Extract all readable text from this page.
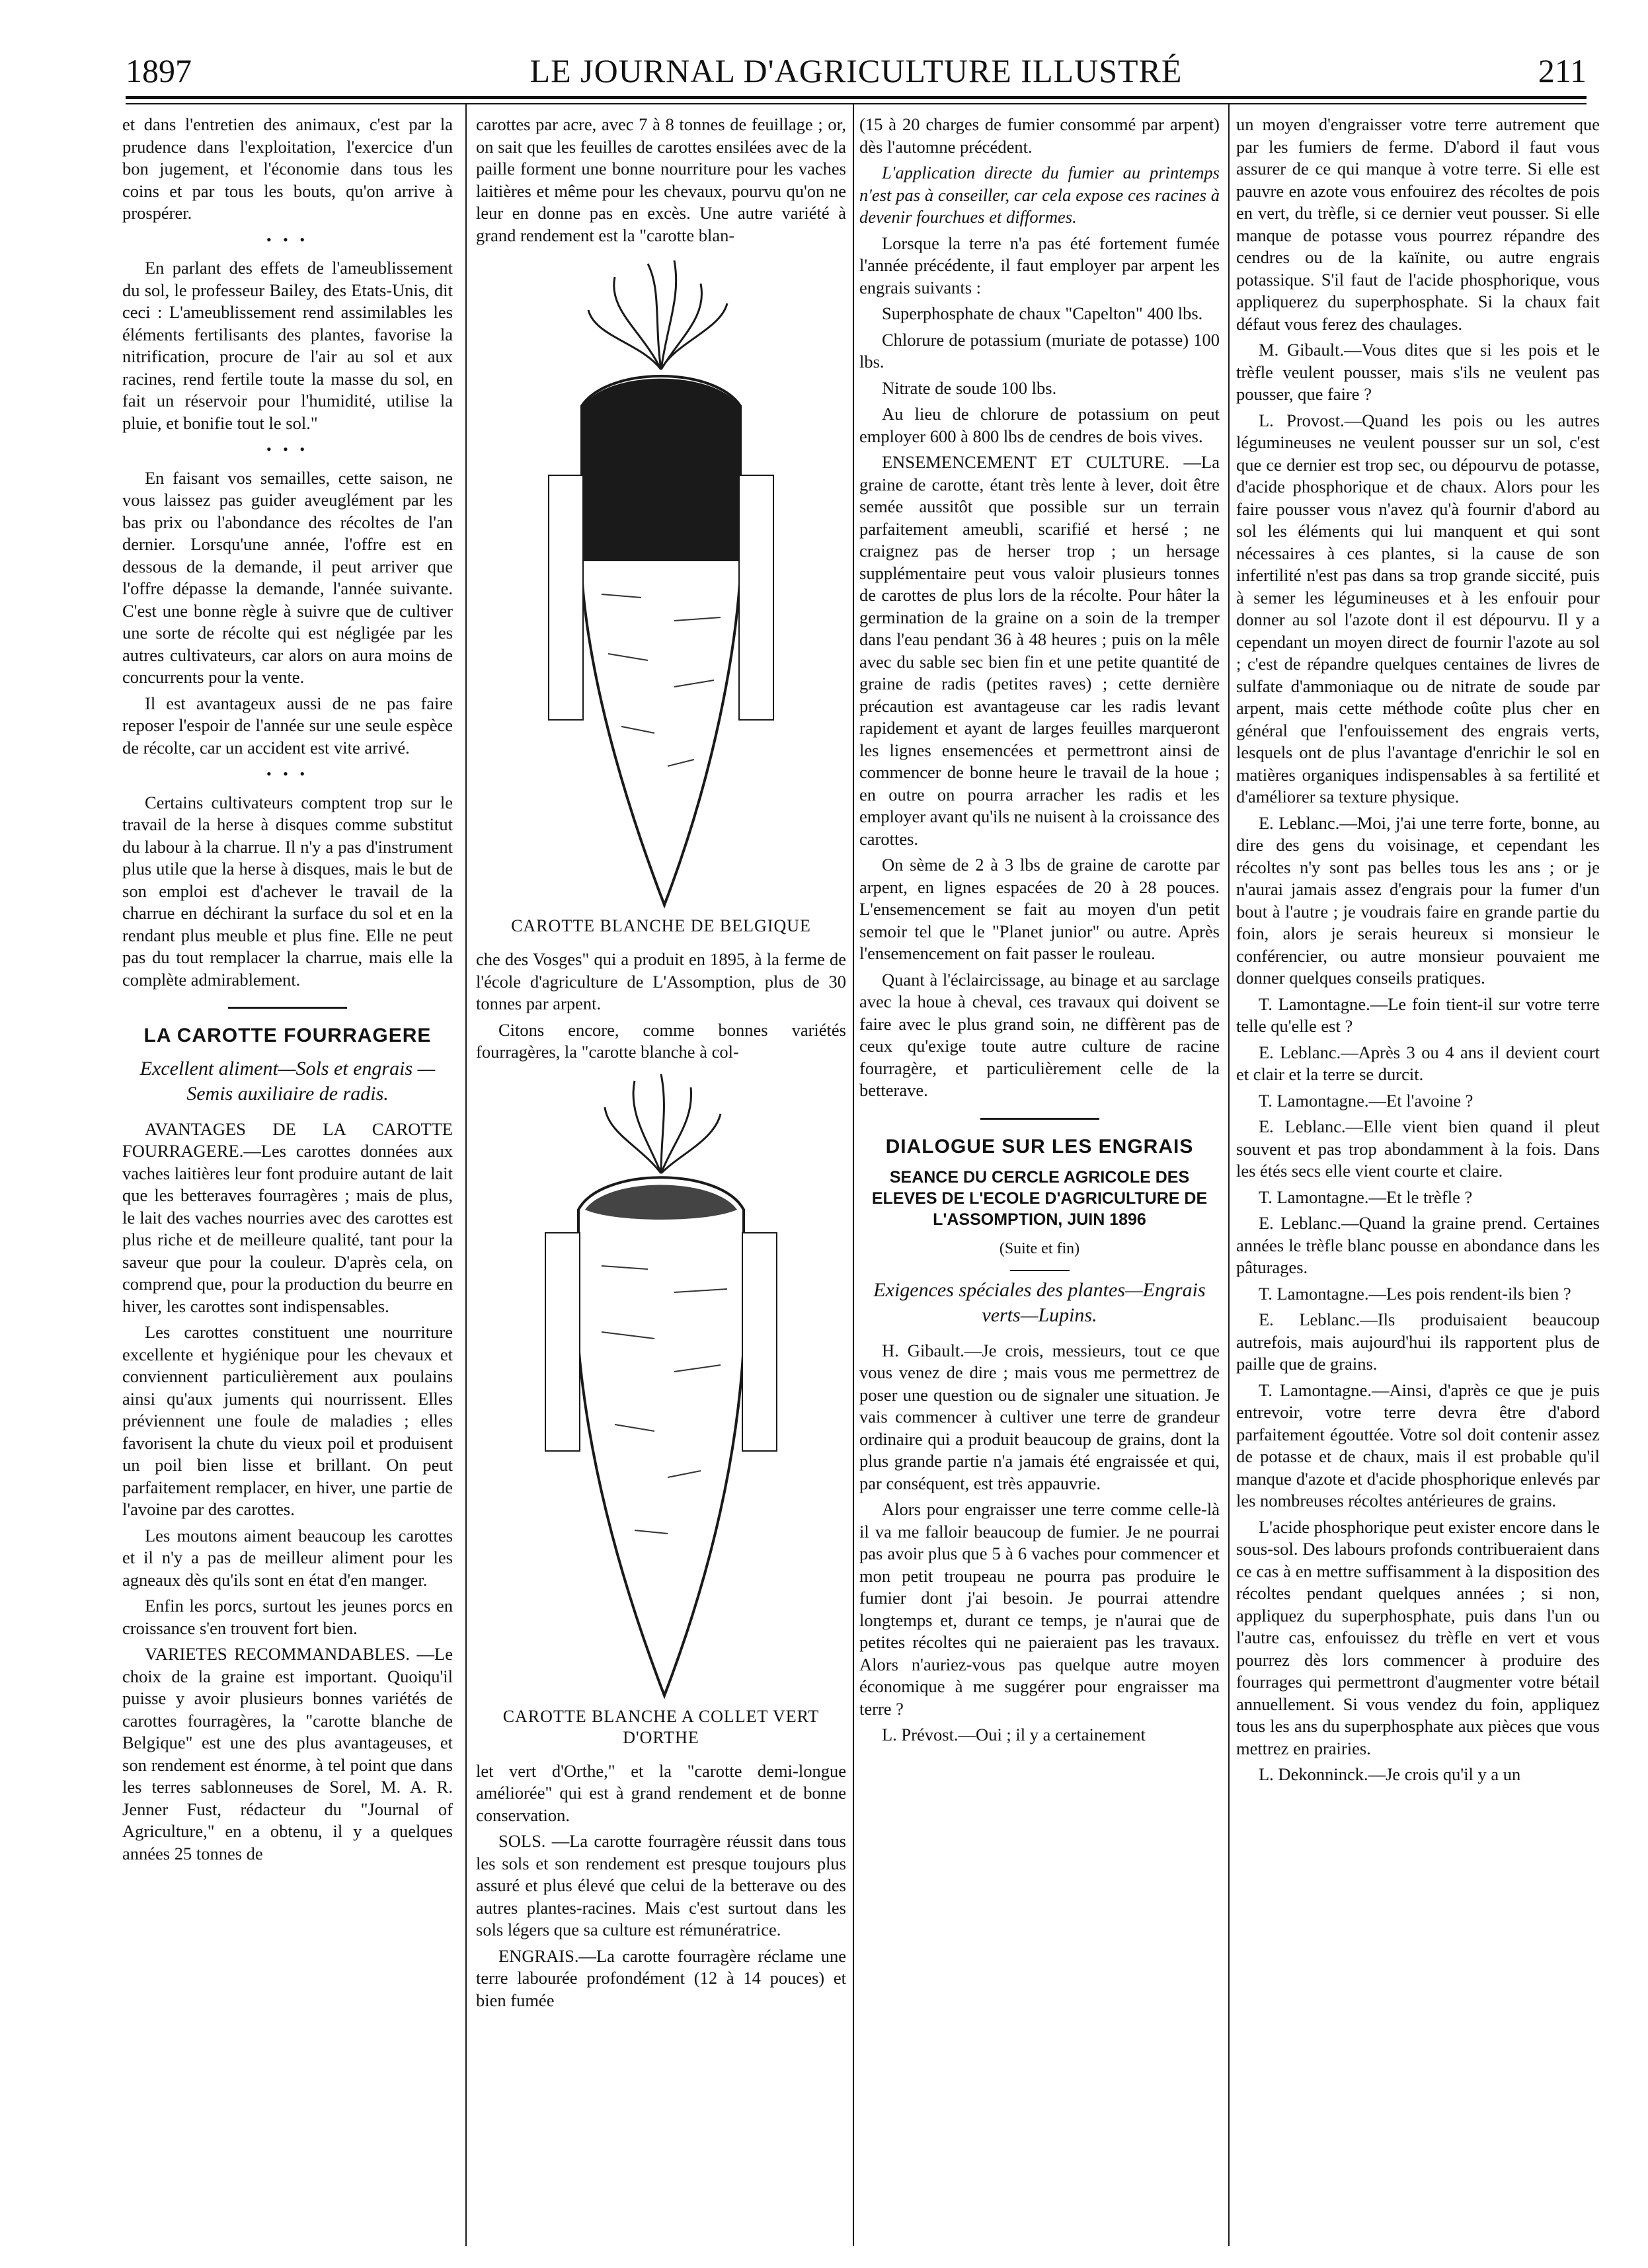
1897	LE JOURNAL D'AGRICULTURE ILLUSTRÉ	211

et dans l'entretien des animaux, c'est par la prudence dans l'exploitation, l'exercice d'un bon jugement, et l'économie dans tous les coins et par tous les bouts, qu'on arrive à prospérer.

• • •

En parlant des effets de l'ameublissement du sol, le professeur Bailey, des Etats-Unis, dit ceci : L'ameublissement rend assimilables les éléments fertilisants des plantes, favorise la nitrification, procure de l'air au sol et aux racines, rend fertile toute la masse du sol, en fait un réservoir pour l'humidité, utilise la pluie, et bonifie tout le sol."

• • •

En faisant vos semailles, cette saison, ne vous laissez pas guider aveuglément par les bas prix ou l'abondance des récoltes de l'an dernier. Lorsqu'une année, l'offre est en dessous de la demande, il peut arriver que l'offre dépasse la demande, l'année suivante. C'est une bonne règle à suivre que de cultiver une sorte de récolte qui est négligée par les autres cultivateurs, car alors on aura moins de concurrents pour la vente.

Il est avantageux aussi de ne pas faire reposer l'espoir de l'année sur une seule espèce de récolte, car un accident est vite arrivé.

• • •

Certains cultivateurs comptent trop sur le travail de la herse à disques comme substitut du labour à la charrue. Il n'y a pas d'instrument plus utile que la herse à disques, mais le but de son emploi est d'achever le travail de la charrue en déchirant la surface du sol et en la rendant plus meuble et plus fine. Elle ne peut pas du tout remplacer la charrue, mais elle la complète admirablement.

LA CAROTTE FOURRAGERE
Excellent aliment—Sols et engrais —Semis auxiliaire de radis.

AVANTAGES DE LA CAROTTE FOURRAGERE.—Les carottes données aux vaches laitières leur font produire autant de lait que les betteraves fourragères ; mais de plus, le lait des vaches nourries avec des carottes est plus riche et de meilleure qualité, tant pour la saveur que pour la couleur. D'après cela, on comprend que, pour la production du beurre en hiver, les carottes sont indispensables.

Les carottes constituent une nourriture excellente et hygiénique pour les chevaux et conviennent particulièrement aux poulains ainsi qu'aux juments qui nourrissent. Elles préviennent une foule de maladies ; elles favorisent la chute du vieux poil et produisent un poil bien lisse et brillant. On peut parfaitement remplacer, en hiver, une partie de l'avoine par des carottes.

Les moutons aiment beaucoup les carottes et il n'y a pas de meilleur aliment pour les agneaux dès qu'ils sont en état d'en manger.

Enfin les porcs, surtout les jeunes porcs en croissance s'en trouvent fort bien.

VARIETES RECOMMANDABLES. —Le choix de la graine est important. Quoiqu'il puisse y avoir plusieurs bonnes variétés de carottes fourragères, la "carotte blanche de Belgique" est une des plus avantageuses, et son rendement est énorme, à tel point que dans les terres sablonneuses de Sorel, M. A. R. Jenner Fust, rédacteur du "Journal of Agriculture," en a obtenu, il y a quelques années 25 tonnes de

carottes par acre, avec 7 à 8 tonnes de feuillage ; or, on sait que les feuilles de carottes ensilées avec de la paille forment une bonne nourriture pour les vaches laitières et même pour les chevaux, pourvu qu'on ne leur en donne pas en excès. Une autre variété à grand rendement est la "carotte blan-

CAROTTE BLANCHE DE BELGIQUE

che des Vosges" qui a produit en 1895, à la ferme de l'école d'agriculture de L'Assomption, plus de 30 tonnes par arpent.

Citons encore, comme bonnes variétés fourragères, la "carotte blanche à col-

CAROTTE BLANCHE A COLLET VERT D'ORTHE

let vert d'Orthe," et la "carotte demi-longue améliorée" qui est à grand rendement et de bonne conservation.

SOLS. —La carotte fourragère réussit dans tous les sols et son rendement est presque toujours plus assuré et plus élevé que celui de la betterave ou des autres plantes-racines. Mais c'est surtout dans les sols légers que sa culture est rémunératrice.

ENGRAIS.—La carotte fourragère réclame une terre labourée profondément (12 à 14 pouces) et bien fumée

(15 à 20 charges de fumier consommé par arpent) dès l'automne précédent.

L'application directe du fumier au printemps n'est pas à conseiller, car cela expose ces racines à devenir fourchues et difformes.

Lorsque la terre n'a pas été fortement fumée l'année précédente, il faut employer par arpent les engrais suivants :

Superphosphate de chaux "Capelton" 400 lbs.

Chlorure de potassium (muriate de potasse) 100 lbs.

Nitrate de soude 100 lbs.

Au lieu de chlorure de potassium on peut employer 600 à 800 lbs de cendres de bois vives.

ENSEMENCEMENT ET CULTURE. —La graine de carotte, étant très lente à lever, doit être semée aussitôt que possible sur un terrain parfaitement ameubli, scarifié et hersé ; ne craignez pas de herser trop ; un hersage supplémentaire peut vous valoir plusieurs tonnes de carottes de plus lors de la récolte. Pour hâter la germination de la graine on a soin de la tremper dans l'eau pendant 36 à 48 heures ; puis on la mêle avec du sable sec bien fin et une petite quantité de graine de radis (petites raves) ; cette dernière précaution est avantageuse car les radis levant rapidement et ayant de larges feuilles marqueront les lignes ensemencées et permettront ainsi de commencer de bonne heure le travail de la houe ; en outre on pourra arracher les radis et les employer avant qu'ils ne nuisent à la croissance des carottes.

On sème de 2 à 3 lbs de graine de carotte par arpent, en lignes espacées de 20 à 28 pouces. L'ensemencement se fait au moyen d'un petit semoir tel que le "Planet junior" ou autre. Après l'ensemencement on fait passer le rouleau.

Quant à l'éclaircissage, au binage et au sarclage avec la houe à cheval, ces travaux qui doivent se faire avec le plus grand soin, ne diffèrent pas de ceux qu'exige toute autre culture de racine fourragère, et particulièrement celle de la betterave.

DIALOGUE SUR LES ENGRAIS
SEANCE DU CERCLE AGRICOLE DES ELEVES DE L'ECOLE D'AGRICULTURE DE L'ASSOMPTION, JUIN 1896
(Suite et fin)
Exigences spéciales des plantes—Engrais verts—Lupins.

H. Gibault.—Je crois, messieurs, tout ce que vous venez de dire ; mais vous me permettrez de poser une question ou de signaler une situation. Je vais commencer à cultiver une terre de grandeur ordinaire qui a produit beaucoup de grains, dont la plus grande partie n'a jamais été engraissée et qui, par conséquent, est très appauvrie.

Alors pour engraisser une terre comme celle-là il va me falloir beaucoup de fumier. Je ne pourrai pas avoir plus que 5 à 6 vaches pour commencer et mon petit troupeau ne pourra pas produire le fumier dont j'ai besoin. Je pourrai attendre longtemps et, durant ce temps, je n'aurai que de petites récoltes qui ne paieraient pas les travaux. Alors n'auriez-vous pas quelque autre moyen économique à me suggérer pour engraisser ma terre ?

L. Prévost.—Oui ; il y a certainement

un moyen d'engraisser votre terre autrement que par les fumiers de ferme. D'abord il faut vous assurer de ce qui manque à votre terre. Si elle est pauvre en azote vous enfouirez des récoltes de pois en vert, du trèfle, si ce dernier veut pousser. Si elle manque de potasse vous pourrez répandre des cendres ou de la kaïnite, ou autre engrais potassique. S'il faut de l'acide phosphorique, vous appliquerez du superphosphate. Si la chaux fait défaut vous ferez des chaulages.

M. Gibault.—Vous dites que si les pois et le trèfle veulent pousser, mais s'ils ne veulent pas pousser, que faire ?

L. Provost.—Quand les pois ou les autres légumineuses ne veulent pousser sur un sol, c'est que ce dernier est trop sec, ou dépourvu de potasse, d'acide phosphorique et de chaux. Alors pour les faire pousser vous n'avez qu'à fournir d'abord au sol les éléments qui lui manquent et qui sont nécessaires à ces plantes, si la cause de son infertilité n'est pas dans sa trop grande siccité, puis à semer les légumineuses et à les enfouir pour donner au sol l'azote dont il est dépourvu. Il y a cependant un moyen direct de fournir l'azote au sol ; c'est de répandre quelques centaines de livres de sulfate d'ammoniaque ou de nitrate de soude par arpent, mais cette méthode coûte plus cher en général que l'enfouissement des engrais verts, lesquels ont de plus l'avantage d'enrichir le sol en matières organiques indispensables à sa fertilité et d'améliorer sa texture physique.

E. Leblanc.—Moi, j'ai une terre forte, bonne, au dire des gens du voisinage, et cependant les récoltes n'y sont pas belles tous les ans ; or je n'aurai jamais assez d'engrais pour la fumer d'un bout à l'autre ; je voudrais faire en grande partie du foin, alors je serais heureux si monsieur le conférencier, ou autre monsieur pouvaient me donner quelques conseils pratiques.

T. Lamontagne.—Le foin tient-il sur votre terre telle qu'elle est ?

E. Leblanc.—Après 3 ou 4 ans il devient court et clair et la terre se durcit.

T. Lamontagne.—Et l'avoine ?

E. Leblanc.—Elle vient bien quand il pleut souvent et pas trop abondamment à la fois. Dans les étés secs elle vient courte et claire.

T. Lamontagne.—Et le trèfle ?

E. Leblanc.—Quand la graine prend. Certaines années le trèfle blanc pousse en abondance dans les pâturages.

T. Lamontagne.—Les pois rendent-ils bien ?

E. Leblanc.—Ils produisaient beaucoup autrefois, mais aujourd'hui ils rapportent plus de paille que de grains.

T. Lamontagne.—Ainsi, d'après ce que je puis entrevoir, votre terre devra être d'abord parfaitement égouttée. Votre sol doit contenir assez de potasse et de chaux, mais il est probable qu'il manque d'azote et d'acide phosphorique enlevés par les nombreuses récoltes antérieures de grains.

L'acide phosphorique peut exister encore dans le sous-sol. Des labours profonds contribueraient dans ce cas à en mettre suffisamment à la disposition des récoltes pendant quelques années ; si non, appliquez du superphosphate, puis dans l'un ou l'autre cas, enfouissez du trèfle en vert et vous pourrez dès lors commencer à produire des fourrages qui permettront d'augmenter votre bétail annuellement. Si vous vendez du foin, appliquez tous les ans du superphosphate aux pièces que vous mettrez en prairies.

L. Dekonninck.—Je crois qu'il y a un
